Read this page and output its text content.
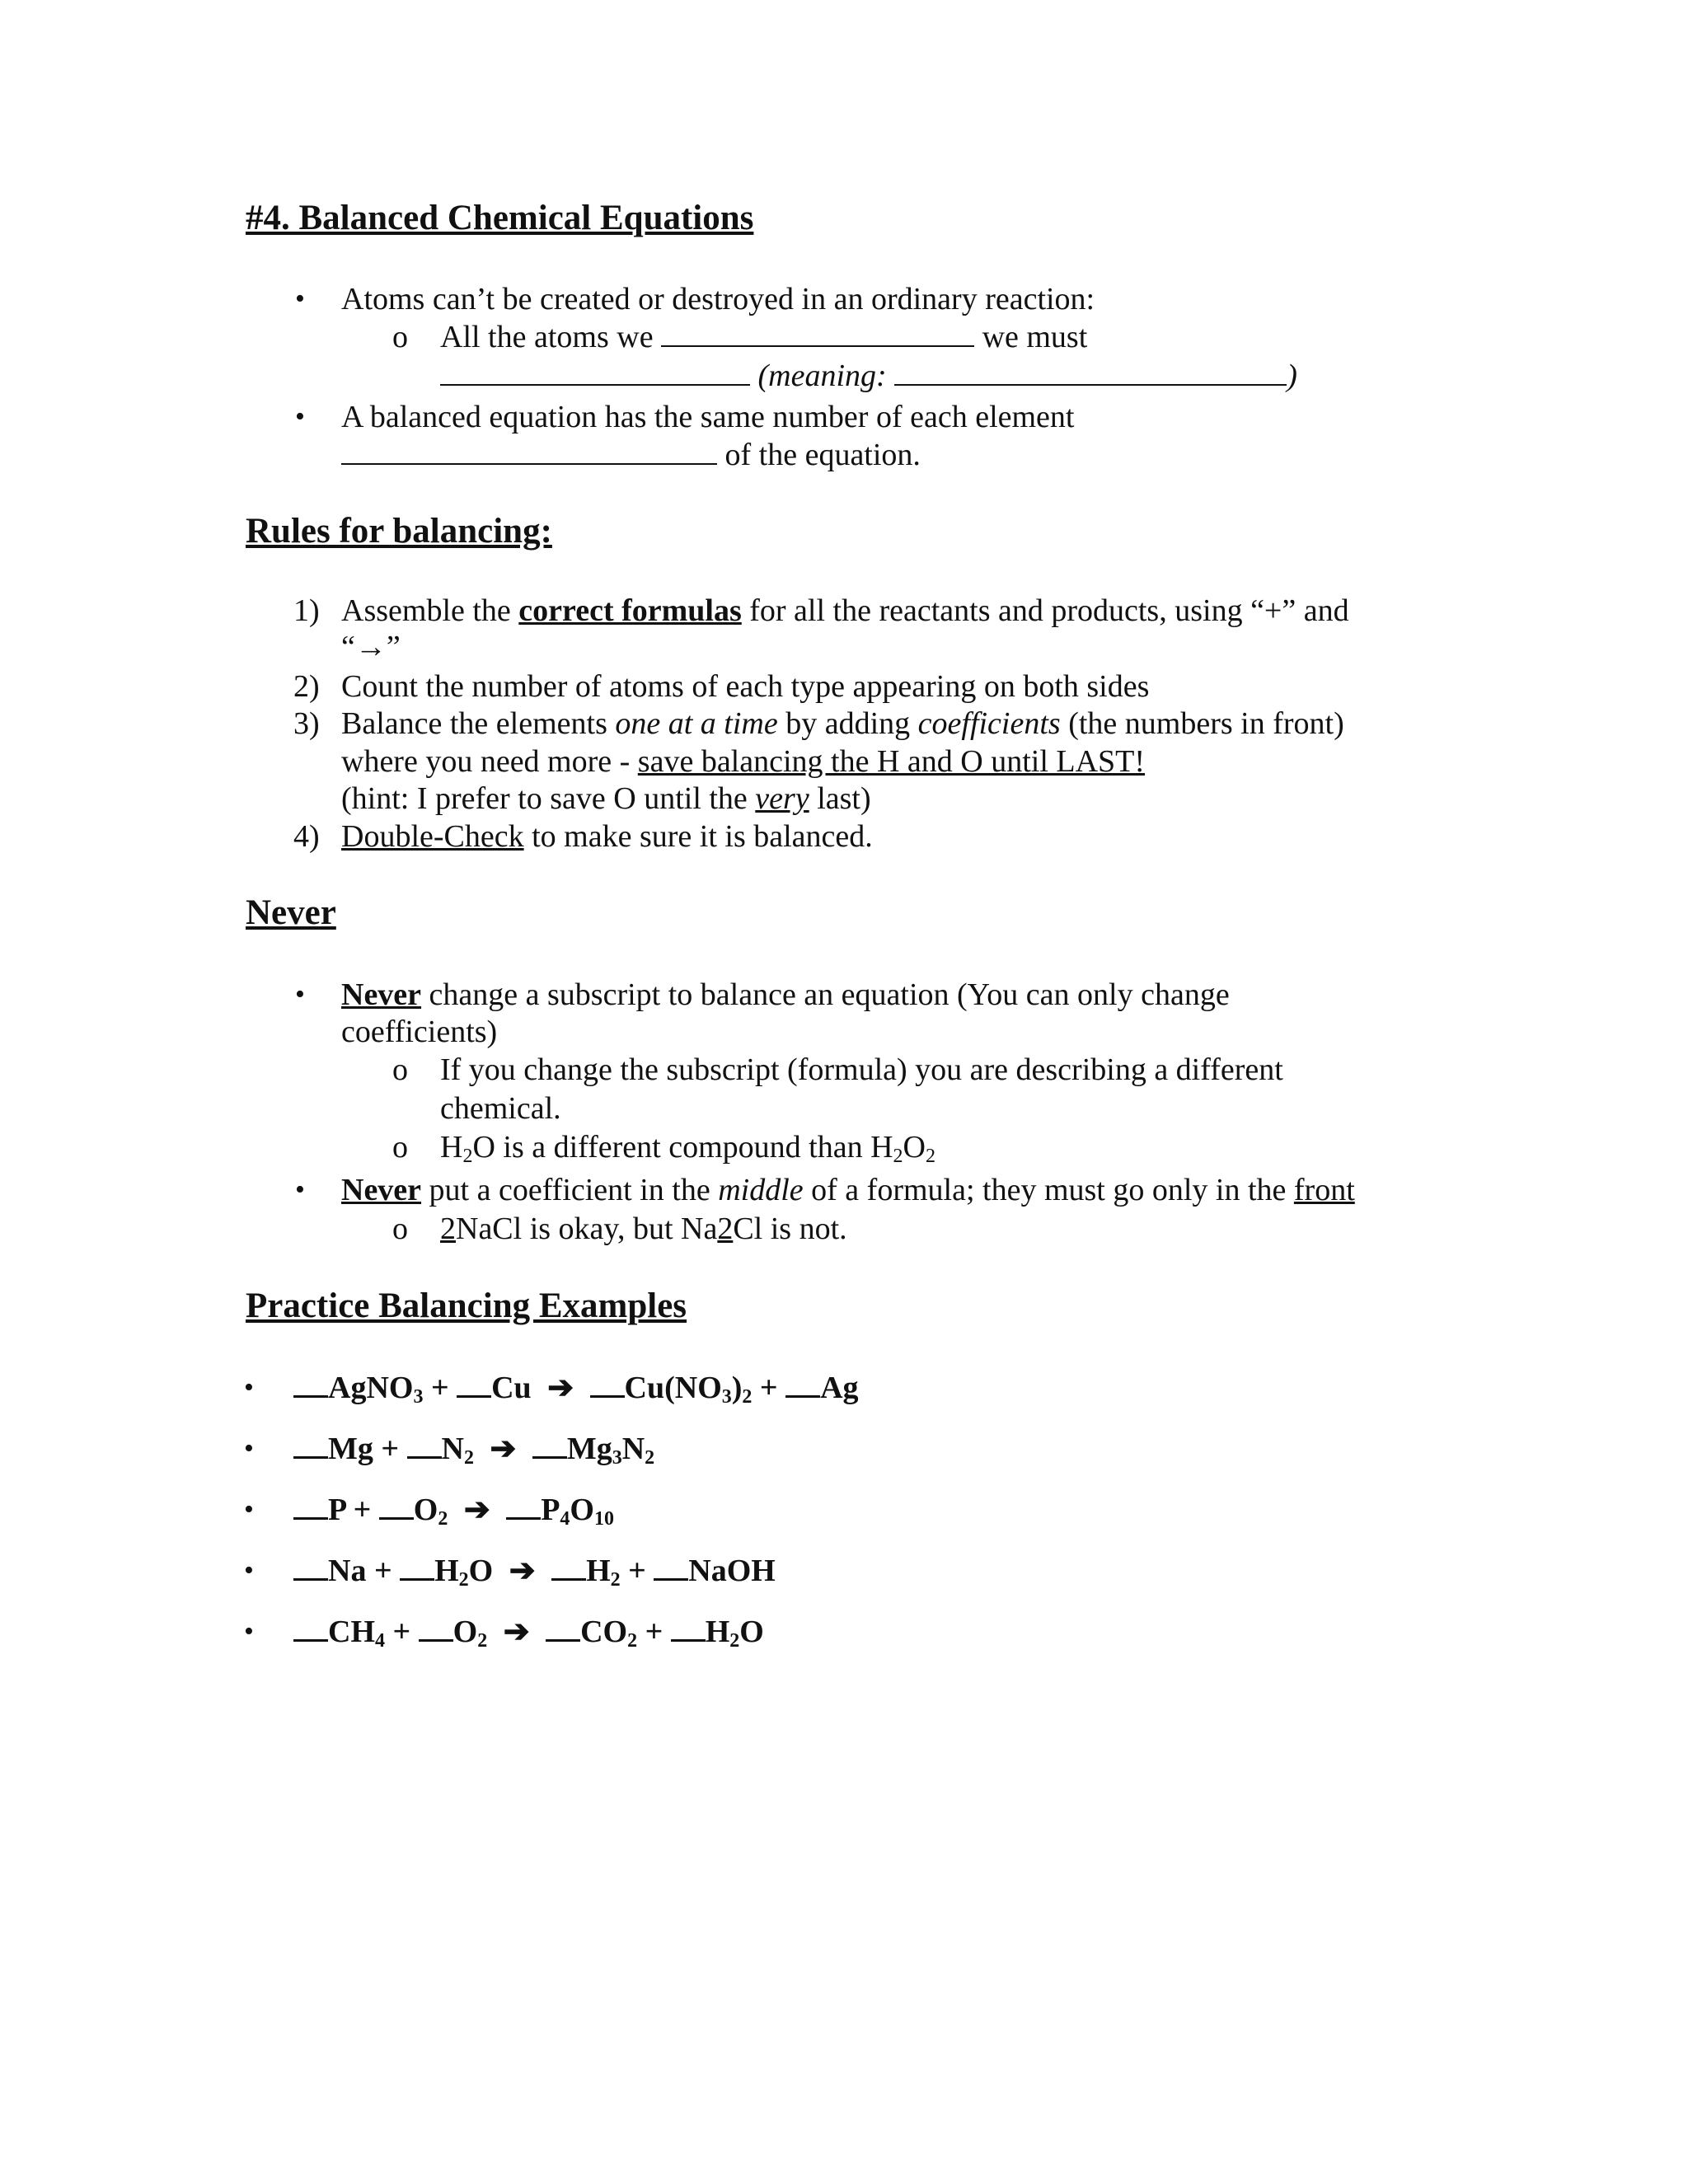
#4. Balanced Chemical Equations
• Atoms can’t be created or destroyed in an ordinary reaction:
o All the atoms we	we must
(meaning:	)
• A balanced equation has the same number of each element
of the equation.
Rules for balancing:
1) Assemble the correct formulas for all the reactants and products, using “+” and
“→”
2) Count the number of atoms of each type appearing on both sides
3) Balance the elements one at a time by adding coefficients (the numbers in front)
where you need more - save balancing the H and O until LAST!
(hint: I prefer to save O until the very last)
4) Double-Check to make sure it is balanced.
Never
• Never change a subscript to balance an equation (You can only change
coefficients)
o If you change the subscript (formula) you are describing a different
chemical.
o $H_2O$ is a different compound than $H_2O_2$
• Never put a coefficient in the middle of a formula; they must go only in the front
o 2NaCl is okay, but Na2Cl is not.
Practice Balancing Examples
•	AgNO$_3$ + Cu ➔ $Cu(NO_3)_2 + Ag$
•	$Mg + N_2$ ➔ $Mg_3N_2$
•	$P + O_2$ ➔ $P_4O_{10}$
•	$Na + H_2O$ ➔ $H_2$ + NaOH
•	$CH_4 + O_2$ ➔ $CO_2 + H_2O$
